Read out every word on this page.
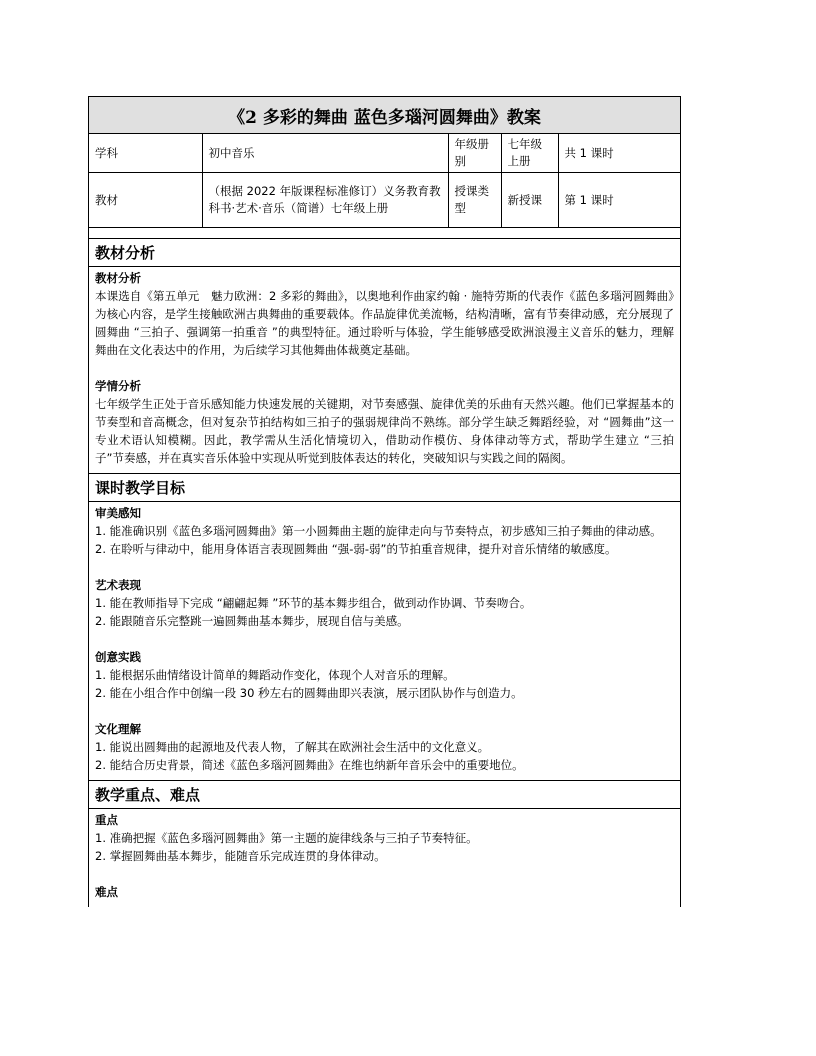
《2 多彩的舞曲 蓝色多瑙河圆舞曲》教案
学科	初中音乐	年级册别	七年级上册	共 1 课时
教材	（根据 2022 年版课程标准修订）义务教育教科书·艺术·音乐（简谱）七年级上册	授课类型	新授课	第 1 课时
教材分析
教材分析
本课选自《第五单元　魅力欧洲：2 多彩的舞曲》，以奥地利作曲家约翰 · 施特劳斯的代表作《蓝色多瑙河圆舞曲》为核心内容，是学生接触欧洲古典舞曲的重要载体。作品旋律优美流畅，结构清晰，富有节奏律动感，充分展现了圆舞曲 “三拍子、强调第一拍重音 ”的典型特征。通过聆听与体验，学生能够感受欧洲浪漫主义音乐的魅力，理解舞曲在文化表达中的作用，为后续学习其他舞曲体裁奠定基础。
学情分析
七年级学生正处于音乐感知能力快速发展的关键期，对节奏感强、旋律优美的乐曲有天然兴趣。他们已掌握基本的节奏型和音高概念，但对复杂节拍结构如三拍子的强弱规律尚不熟练。部分学生缺乏舞蹈经验，对 “圆舞曲”这一专业术语认知模糊。因此，教学需从生活化情境切入，借助动作模仿、身体律动等方式，帮助学生建立 “三拍子”节奏感，并在真实音乐体验中实现从听觉到肢体表达的转化，突破知识与实践之间的隔阂。
课时教学目标
审美感知
1. 能准确识别《蓝色多瑙河圆舞曲》第一小圆舞曲主题的旋律走向与节奏特点，初步感知三拍子舞曲的律动感。
2. 在聆听与律动中，能用身体语言表现圆舞曲 “强-弱-弱”的节拍重音规律，提升对音乐情绪的敏感度。
艺术表现
1. 能在教师指导下完成 “翩翩起舞 ”环节的基本舞步组合，做到动作协调、节奏吻合。
2. 能跟随音乐完整跳一遍圆舞曲基本舞步，展现自信与美感。
创意实践
1. 能根据乐曲情绪设计简单的舞蹈动作变化，体现个人对音乐的理解。
2. 能在小组合作中创编一段 30 秒左右的圆舞曲即兴表演，展示团队协作与创造力。
文化理解
1. 能说出圆舞曲的起源地及代表人物，了解其在欧洲社会生活中的文化意义。
2. 能结合历史背景，简述《蓝色多瑙河圆舞曲》在维也纳新年音乐会中的重要地位。
教学重点、难点
重点
1. 准确把握《蓝色多瑙河圆舞曲》第一主题的旋律线条与三拍子节奏特征。
2. 掌握圆舞曲基本舞步，能随音乐完成连贯的身体律动。
难点
